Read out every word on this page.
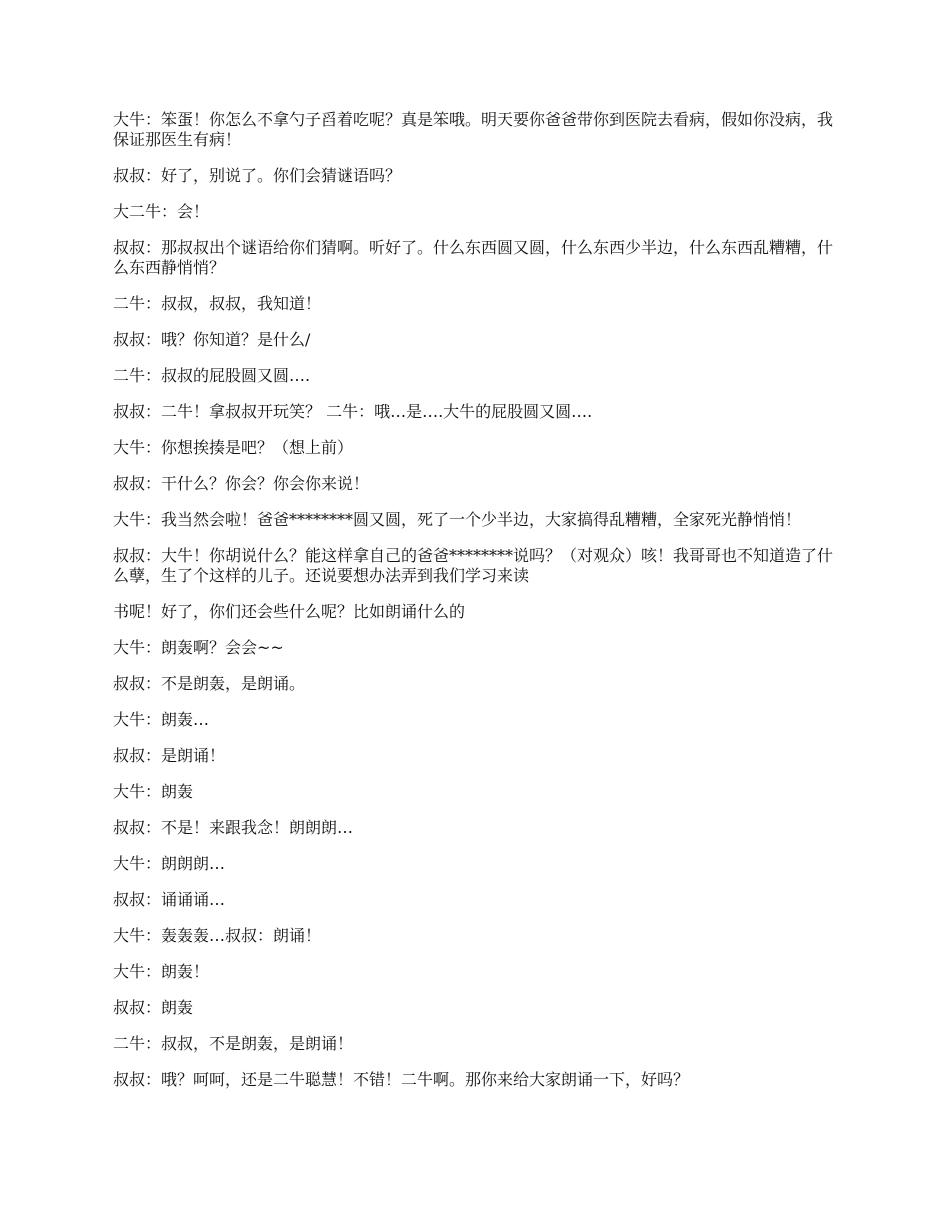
大牛：笨蛋！你怎么不拿勺子舀着吃呢？真是笨哦。明天要你爸爸带你到医院去看病，假如你没病，我保证那医生有病！

叔叔：好了，别说了。你们会猜谜语吗？

大二牛：会！

叔叔：那叔叔出个谜语给你们猜啊。听好了。什么东西圆又圆，什么东西少半边，什么东西乱糟糟，什么东西静悄悄？

二牛：叔叔，叔叔，我知道！

叔叔：哦？你知道？是什么/

二牛：叔叔的屁股圆又圆….

叔叔：二牛！拿叔叔开玩笑？ 二牛：哦…是….大牛的屁股圆又圆….

大牛：你想挨揍是吧？（想上前）

叔叔：干什么？你会？你会你来说！

大牛：我当然会啦！爸爸********圆又圆，死了一个少半边，大家搞得乱糟糟，全家死光静悄悄！

叔叔：大牛！你胡说什么？能这样拿自己的爸爸********说吗？（对观众）咳！我哥哥也不知道造了什么孽，生了个这样的儿子。还说要想办法弄到我们学习来读

书呢！好了，你们还会些什么呢？比如朗诵什么的

大牛：朗轰啊？会会~~

叔叔：不是朗轰，是朗诵。

大牛：朗轰…

叔叔：是朗诵！

大牛：朗轰

叔叔：不是！来跟我念！朗朗朗…

大牛：朗朗朗…

叔叔：诵诵诵…

大牛：轰轰轰…叔叔：朗诵！

大牛：朗轰！

叔叔：朗轰

二牛：叔叔，不是朗轰，是朗诵！

叔叔：哦？呵呵，还是二牛聪慧！不错！二牛啊。那你来给大家朗诵一下，好吗？
